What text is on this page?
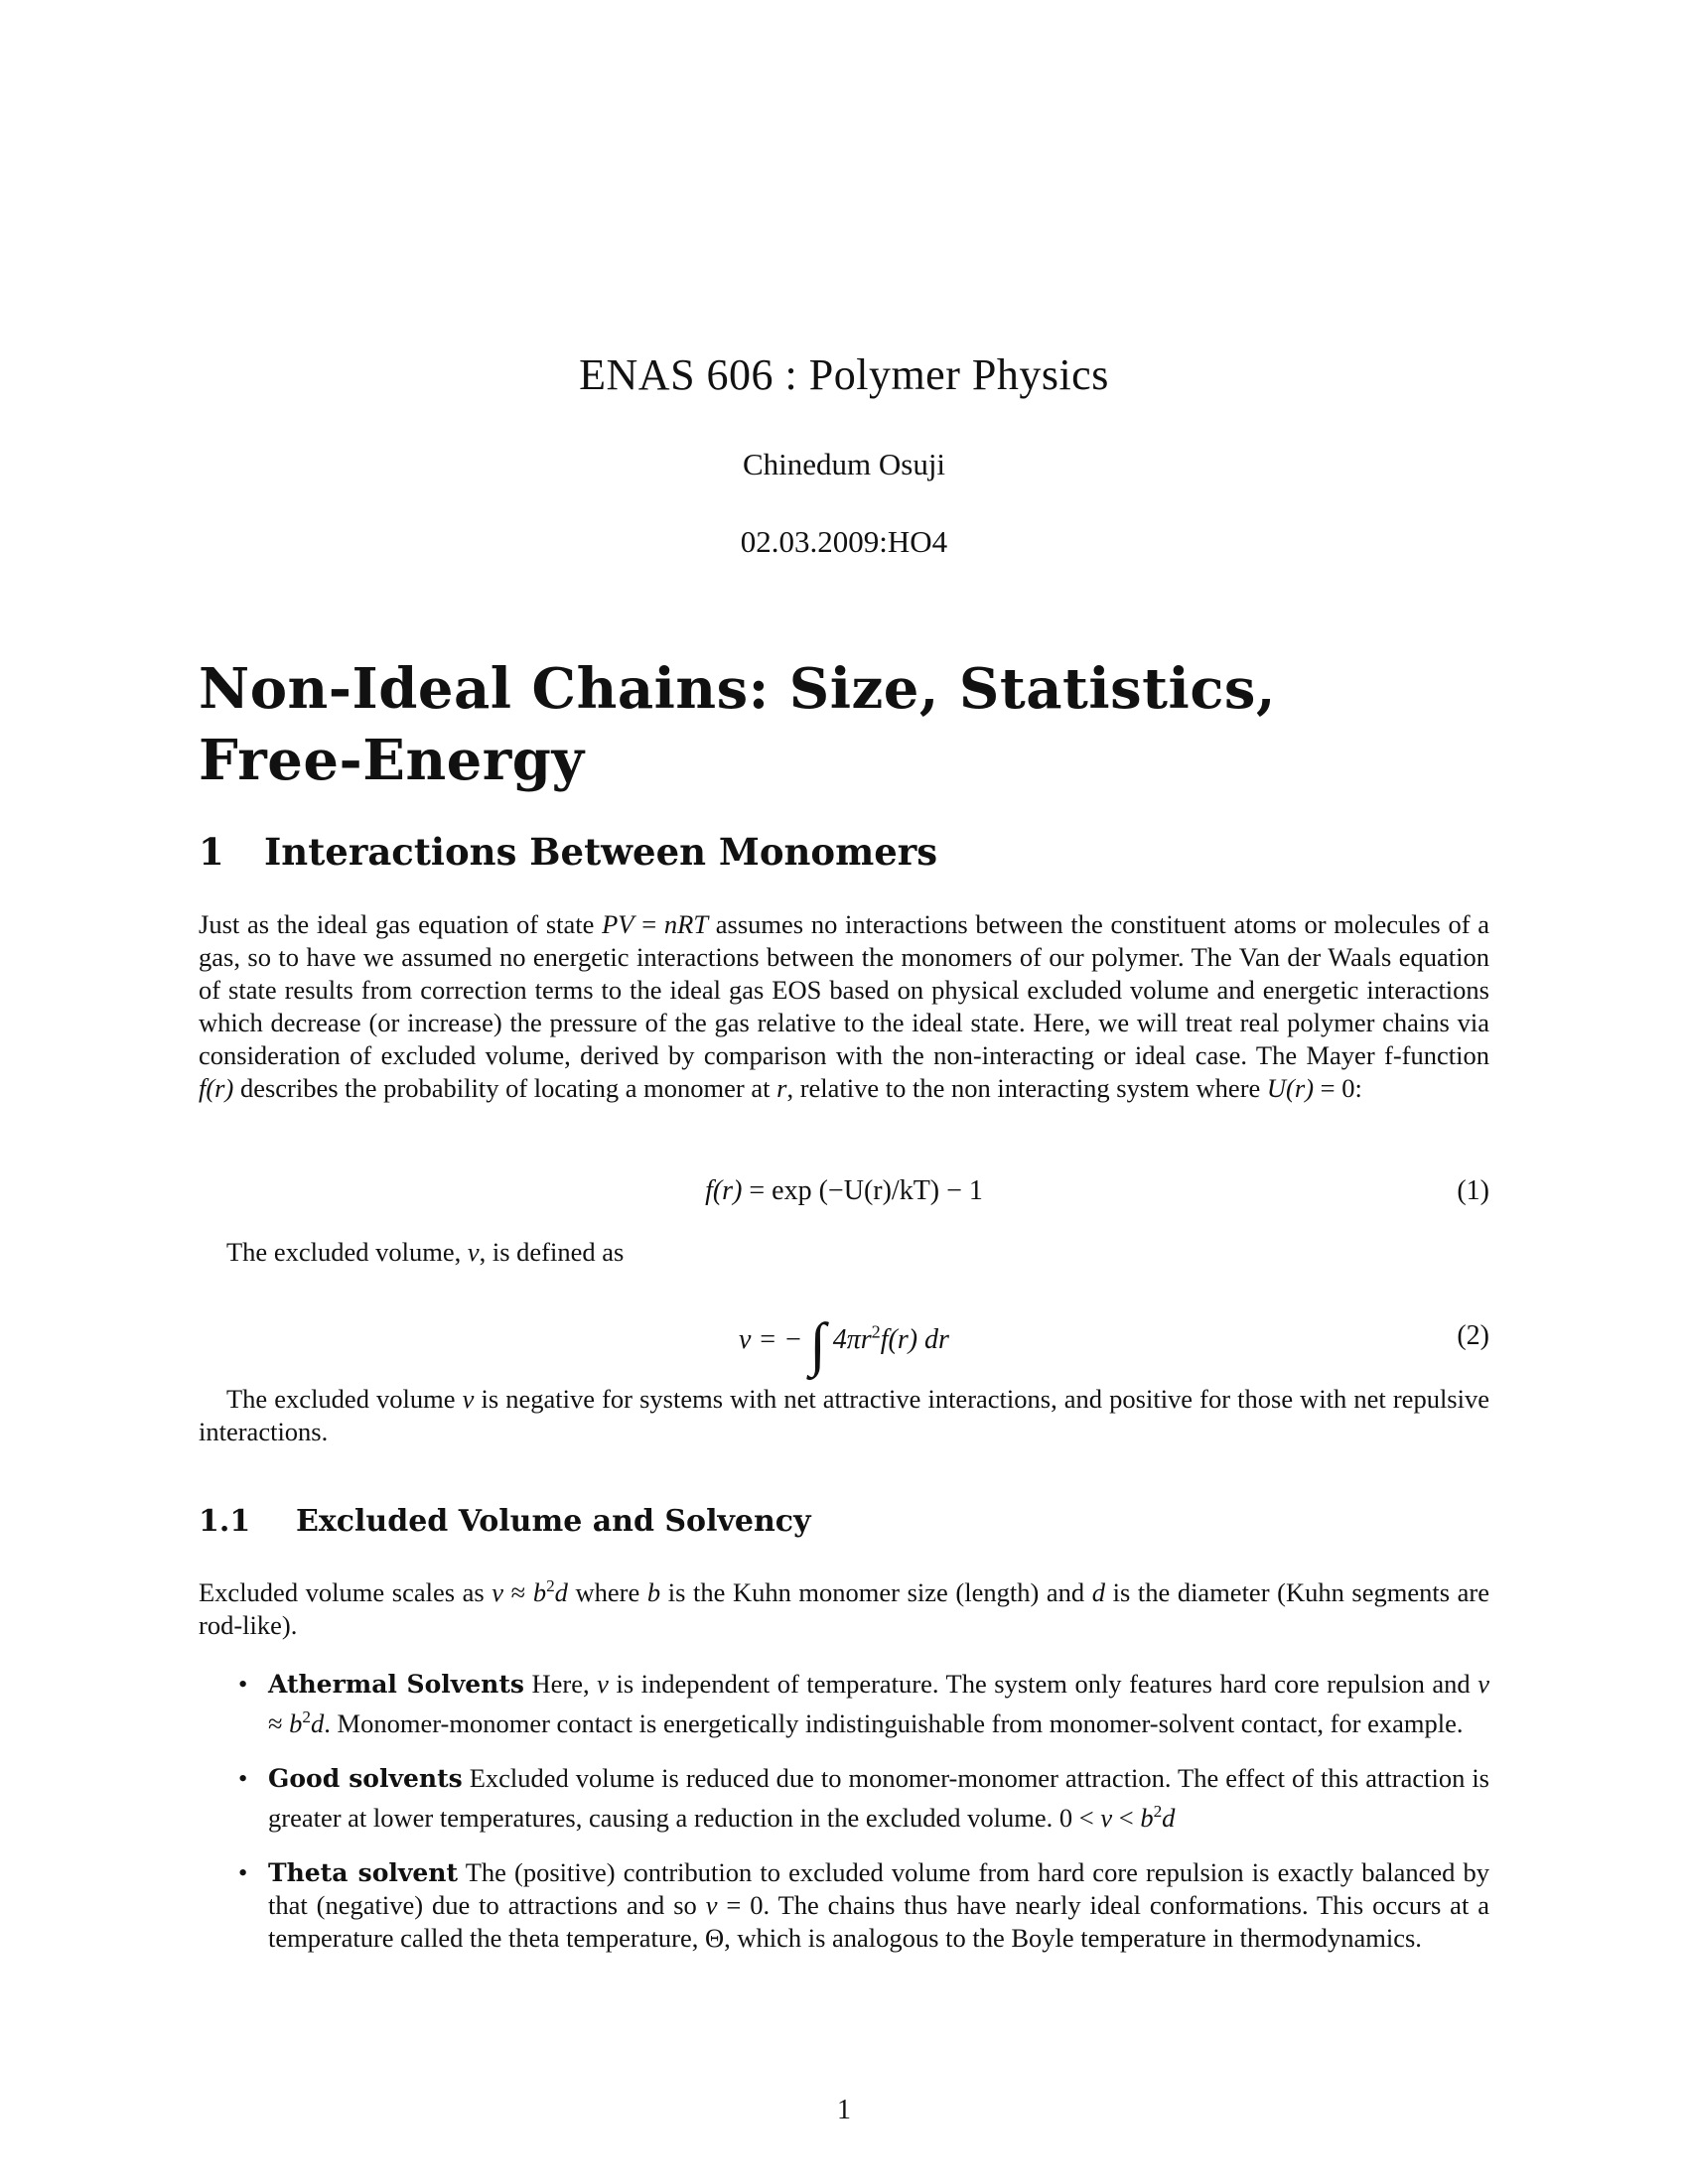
ENAS 606 : Polymer Physics
Chinedum Osuji
02.03.2009:HO4
Non-Ideal Chains: Size, Statistics,
Free-Energy
1 Interactions Between Monomers
Just as the ideal gas equation of state PV = nRT assumes no interactions between the constituent atoms or molecules of a gas, so to have we assumed no energetic interactions between the monomers of our polymer. The Van der Waals equation of state results from correction terms to the ideal gas EOS based on physical excluded volume and energetic interactions which decrease (or increase) the pressure of the gas relative to the ideal state. Here, we will treat real polymer chains via consideration of excluded volume, derived by comparison with the non-interacting or ideal case. The Mayer f-function f(r) describes the probability of locating a monomer at r, relative to the non interacting system where U(r) = 0:
f(r) = exp (−U(r)/kT) − 1	(1)
The excluded volume, v, is defined as
v = − ∫ $4\pi r^2f(r)$ dr	(2)
The excluded volume v is negative for systems with net attractive interactions, and positive for those with net repulsive interactions.
1.1 Excluded Volume and Solvency
Excluded volume scales as $v \approx b^2d$ where b is the Kuhn monomer size (length) and d is the diameter (Kuhn segments are rod-like).
• Athermal Solvents Here, v is independent of temperature. The system only features hard core repulsion and $v \approx b^2d$. Monomer-monomer contact is energetically indistinguishable from monomer-solvent contact, for example.
• Good solvents Excluded volume is reduced due to monomer-monomer attraction. The effect of this attraction is greater at lower temperatures, causing a reduction in the excluded volume. $0 < v < b^2d$
• Theta solvent The (positive) contribution to excluded volume from hard core repulsion is exactly balanced by that (negative) due to attractions and so v = 0. The chains thus have nearly ideal conformations. This occurs at a temperature called the theta temperature, Θ, which is analogous to the Boyle temperature in thermodynamics.
1
